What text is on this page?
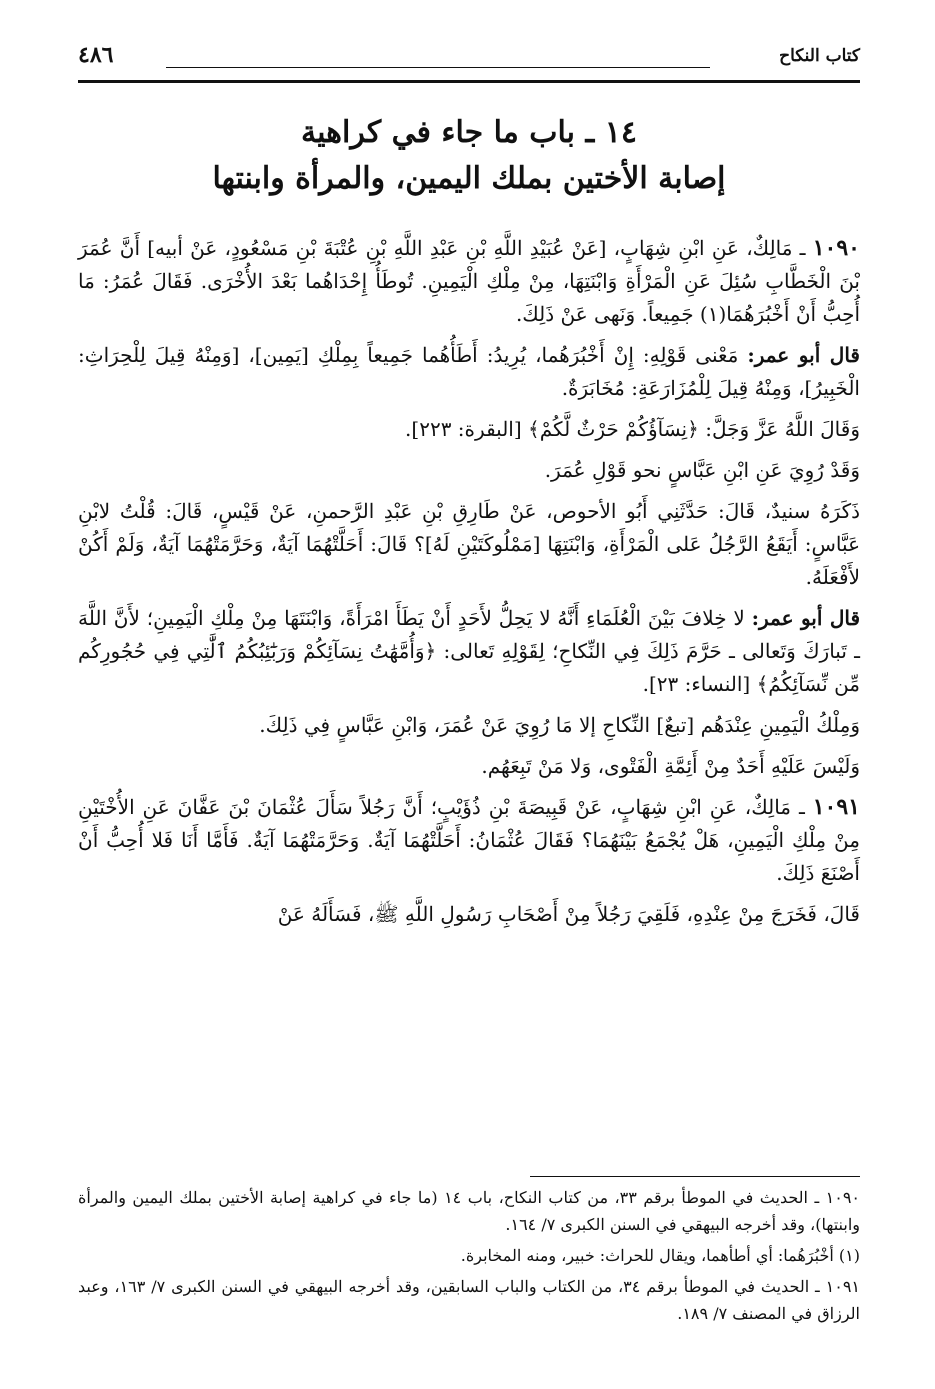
كتاب النكاح
٤٨٦
١٤ ـ باب ما جاء في كراهية
إصابة الأختين بملك اليمين، والمرأة وابنتها

١٠٩٠ ـ مَالِكٌ، عَنِ ابْنِ شِهَابٍ، [عَنْ عُبَيْدِ اللَّهِ بْنِ عَبْدِ اللَّهِ بْنِ عُتْبَةَ بْنِ مَسْعُودٍ، عَنْ أبيه] أَنَّ عُمَرَ بْنَ الْخَطَّابِ سُئِلَ عَنِ الْمَرْأَةِ وَابْنَتِهَا، مِنْ مِلْكِ الْيَمِينِ. تُوطَأُ إِحْدَاهُما بَعْدَ الأُخْرَى. فَقَالَ عُمَرُ: مَا أُحِبُّ أَنْ أَخْبُرَهُمَا(١) جَمِيعاً. وَنَهى عَنْ ذَلِكَ.

قال أبو عمر: مَعْنى قَوْلِهِ: إِنْ أَخْبُرَهُما، يُرِيدُ: أَطَأُهُما جَمِيعاً بِمِلْكِ [يَمِين]، [وَمِنْهُ قِيلَ لِلْحِرَاثِ: الْخَبِيرُ]، وَمِنْهُ قِيلَ لِلْمُزَارَعَةِ: مُخَابَرَةٌ.

وَقَالَ اللَّهُ عَزَّ وَجَلَّ: ﴿نِسَآؤُكُمْ حَرْثٌ لَّكُمْ﴾ [البقرة: ٢٢٣].

وَقَدْ رُوِيَ عَنِ ابْنِ عَبَّاسٍ نحو قَوْلِ عُمَرَ.

ذَكَرَهُ سنيدٌ، قَالَ: حَدَّثَنِي أَبُو الأحوص، عَنْ طَارِقِ بْنِ عَبْدِ الرَّحمنِ، عَنْ قَيْسٍ، قَالَ: قُلْتُ لابْنِ عَبَّاسٍ: أَيَقَعُ الرَّجُلُ عَلى الْمَرْأَةِ، وَابْنَتِهَا [مَمْلُوكَتَيْنِ لَهُ]؟ قَالَ: أَحَلَّتْهُمَا آيَةٌ، وَحَرَّمَتْهُمَا آيَةٌ، وَلَمْ أَكُنْ لأَفْعَلَهُ.

قال أبو عمر: لا خِلافَ بَيْنَ الْعُلَمَاءِ أَنَّهُ لا يَحِلُّ لأَحَدٍ أَنْ يَطَأَ امْرَأَةً، وَابْنَتَهَا مِنْ مِلْكِ الْيَمِينِ؛ لأَنَّ اللَّهَ ـ تَبارَكَ وَتَعالى ـ حَرَّمَ ذَلِكَ فِي النِّكاحِ؛ لِقَوْلِهِ تَعالى: ﴿وَأُمَّهَٰتُ نِسَآئِكُمْ وَرَبَٰٓئِبُكُمُ ٱلَّٰتِي فِي حُجُورِكُم مِّن نِّسَآئِكُمُ﴾ [النساء: ٢٣].

وَمِلْكُ الْيَمِينِ عِنْدَهُم [تبعٌ] النِّكاحِ إلا مَا رُوِيَ عَنْ عُمَرَ، وَابْنِ عَبَّاسٍ فِي ذَلِكَ.

وَلَيْسَ عَلَيْهِ أَحَدٌ مِنْ أَئِمَّةِ الْفَتْوى، وَلا مَنْ تَبِعَهُم.

١٠٩١ ـ مَالِكٌ، عَنِ ابْنِ شِهَابٍ، عَنْ قَبِيصَةَ بْنِ ذُؤَيْبٍ؛ أَنَّ رَجُلاً سَأَلَ عُثْمَانَ بْنَ عَفَّانَ عَنِ الأُخْتَيْنِ مِنْ مِلْكِ الْيَمِينِ، هَلْ يُجْمَعُ بَيْنَهُمَا؟ فَقَالَ عُثْمَانُ: أَحَلَّتْهُمَا آيَةٌ. وَحَرَّمَتْهُمَا آيَةٌ. فَأَمَّا أَنَا فَلا أُحِبُّ أَنْ أَصْنَعَ ذَلِكَ.

قَالَ، فَخَرَجَ مِنْ عِنْدِهِ، فَلَقِيَ رَجُلاً مِنْ أَصْحَابِ رَسُولِ اللَّهِ ﷺ، فَسَأَلَهُ عَنْ

١٠٩٠ ـ الحديث في الموطأ برقم ٣٣، من كتاب النكاح، باب ١٤ (ما جاء في كراهية إصابة الأختين بملك اليمين والمرأة وابنتها)، وقد أخرجه البيهقي في السنن الكبرى ٧/ ١٦٤.

(١) أخْبُرَهُما: أي أطأهما، ويقال للحراث: خبير، ومنه المخابرة.

١٠٩١ ـ الحديث في الموطأ برقم ٣٤، من الكتاب والباب السابقين، وقد أخرجه البيهقي في السنن الكبرى ٧/ ١٦٣، وعبد الرزاق في المصنف ٧/ ١٨٩.
